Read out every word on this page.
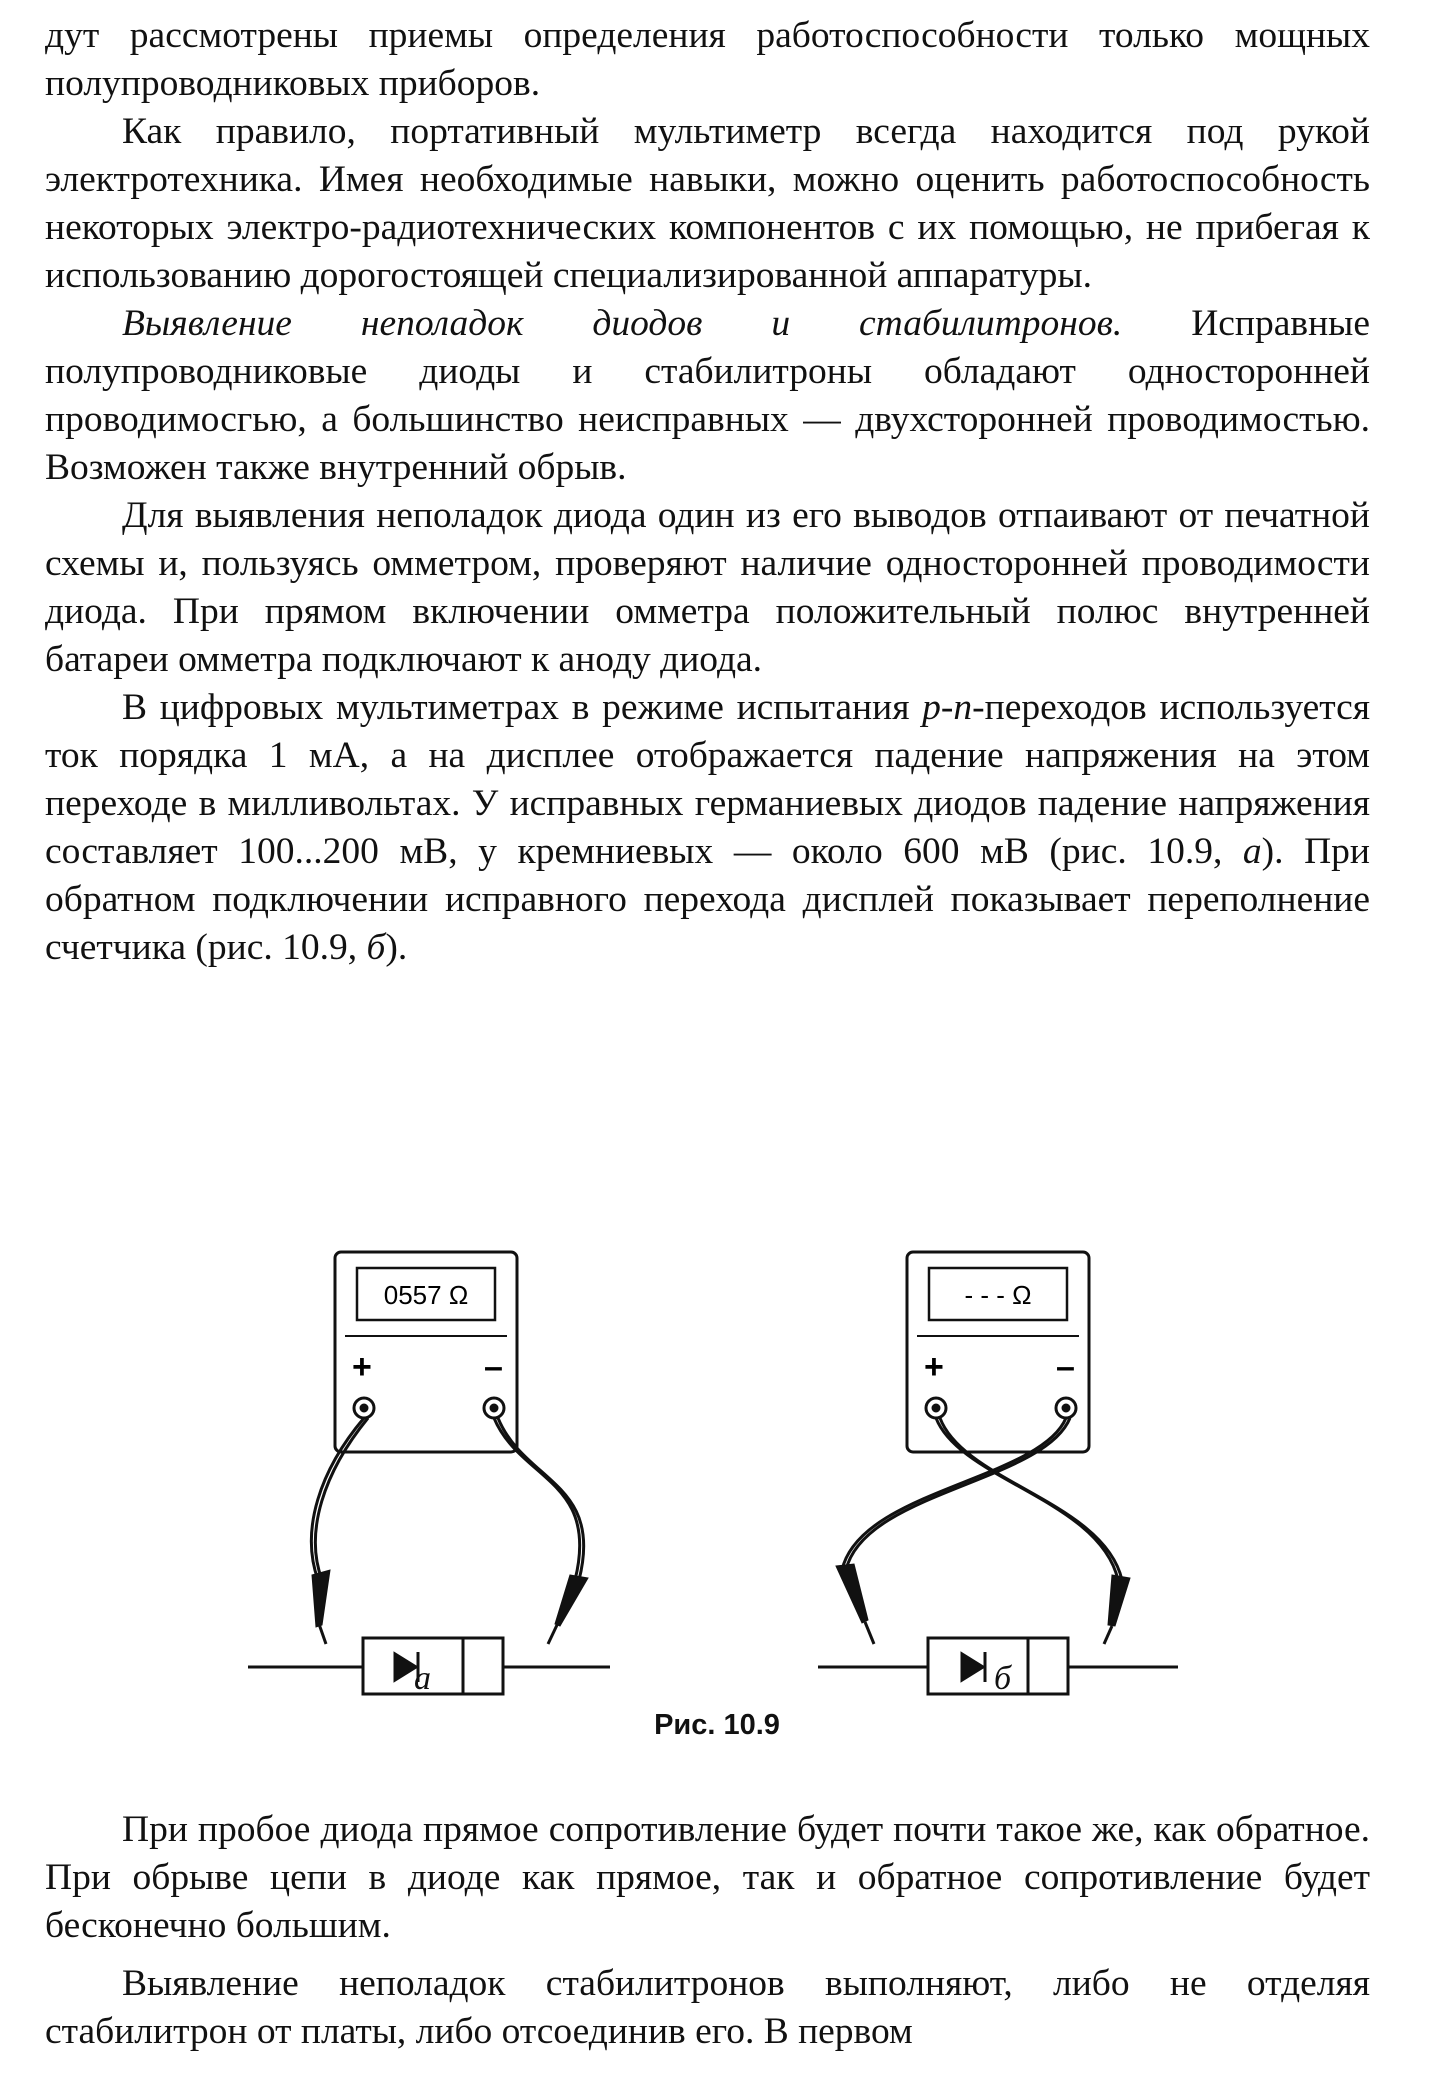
дут рассмотрены приемы определения работоспособности только мощных полупроводниковых приборов.

Как правило, портативный мультиметр всегда находится под рукой электротехника. Имея необходимые навыки, можно оценить работоспособность некоторых электро-радиотехнических компонентов с их помощью, не прибегая к использованию дорогостоящей специализированной аппаратуры.

Выявление неполадок диодов и стабилитронов. Исправные полупроводниковые диоды и стабилитроны обладают односторонней проводимосгью, а большинство неисправных — двухсторонней проводимостью. Возможен также внутренний обрыв.

Для выявления неполадок диода один из его выводов отпаивают от печатной схемы и, пользуясь омметром, проверяют наличие односторонней проводимости диода. При прямом включении омметра положительный полюс внутренней батареи омметра подключают к аноду диода.

В цифровых мультиметрах в режиме испытания p-n-переходов используется ток порядка 1 мА, а на дисплее отображается падение напряжения на этом переходе в милливольтах. У исправных германиевых диодов падение напряжения составляет 100...200 мВ, у кремниевых — около 600 мВ (рис. 10.9, а). При обратном подключении исправного перехода дисплей показывает переполнение счетчика (рис. 10.9, б).

0557 Ω
+	–
- - - Ω
+	–
а	б
Рис. 10.9

При пробое диода прямое сопротивление будет почти такое же, как обратное. При обрыве цепи в диоде как прямое, так и обратное сопротивление будет бесконечно большим.

Выявление неполадок стабилитронов выполняют, либо не отделяя стабилитрон от платы, либо отсоединив его. В первом
